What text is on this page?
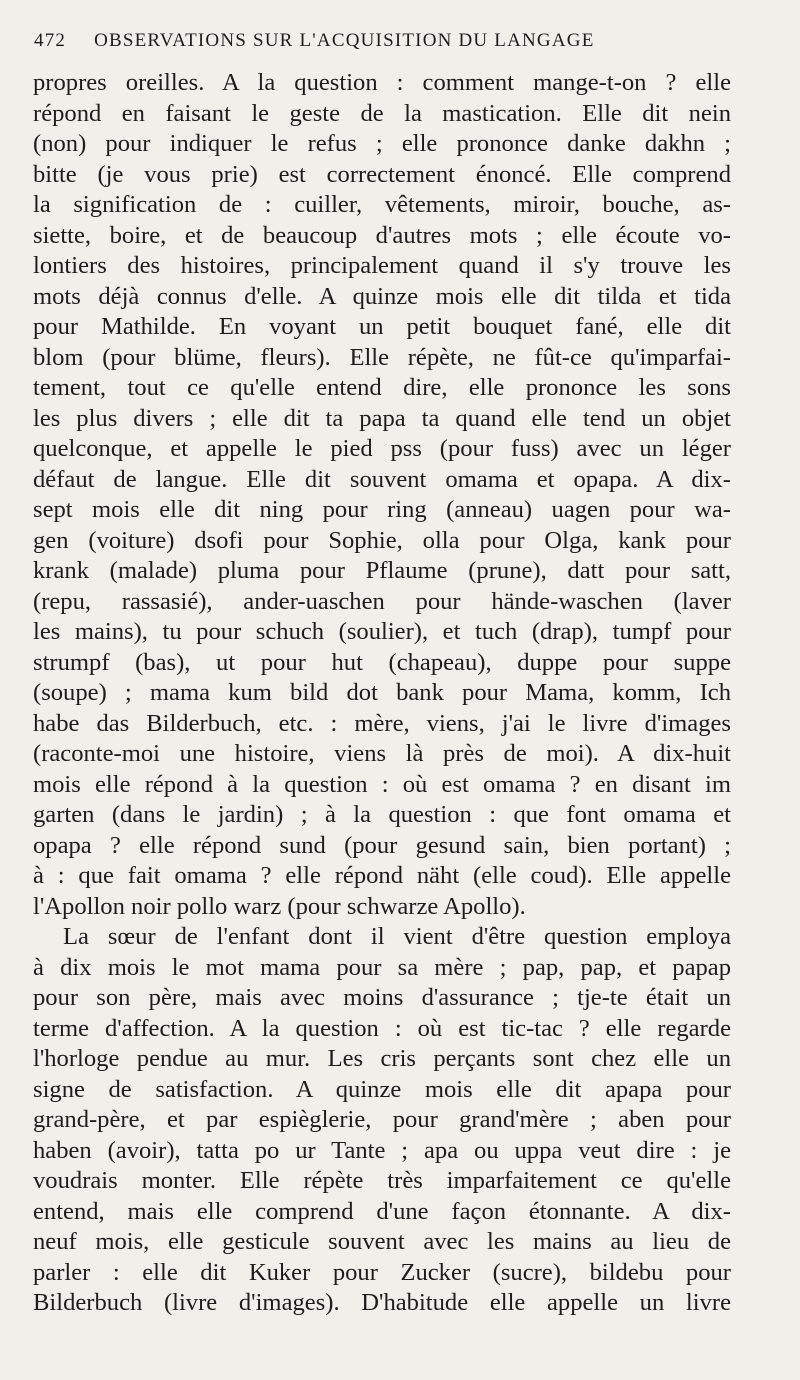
472 OBSERVATIONS SUR L'ACQUISITION DU LANGAGE
propres oreilles. A la question : comment mange-t-on ? elle
répond en faisant le geste de la mastication. Elle dit nein
(non) pour indiquer le refus ; elle prononce danke dakhn ;
bitte (je vous prie) est correctement énoncé. Elle comprend
la signification de : cuiller, vêtements, miroir, bouche, as-
siette, boire, et de beaucoup d'autres mots ; elle écoute vo-
lontiers des histoires, principalement quand il s'y trouve les
mots déjà connus d'elle. A quinze mois elle dit tilda et tida
pour Mathilde. En voyant un petit bouquet fané, elle dit
blom (pour blüme, fleurs). Elle répète, ne fût-ce qu'imparfai-
tement, tout ce qu'elle entend dire, elle prononce les sons
les plus divers ; elle dit ta papa ta quand elle tend un objet
quelconque, et appelle le pied pss (pour fuss) avec un léger
défaut de langue. Elle dit souvent omama et opapa. A dix-
sept mois elle dit ning pour ring (anneau) uagen pour wa-
gen (voiture) dsofi pour Sophie, olla pour Olga, kank pour
krank (malade) pluma pour Pflaume (prune), datt pour satt,
(repu, rassasié), ander-uaschen pour hände-waschen (laver
les mains), tu pour schuch (soulier), et tuch (drap), tumpf pour
strumpf (bas), ut pour hut (chapeau), duppe pour suppe
(soupe) ; mama kum bild dot bank pour Mama, komm, Ich
habe das Bilderbuch, etc. : mère, viens, j'ai le livre d'images
(raconte-moi une histoire, viens là près de moi). A dix-huit
mois elle répond à la question : où est omama ? en disant im
garten (dans le jardin) ; à la question : que font omama et
opapa ? elle répond sund (pour gesund sain, bien portant) ;
à : que fait omama ? elle répond näht (elle coud). Elle appelle
l'Apollon noir pollo warz (pour schwarze Apollo).
La sœur de l'enfant dont il vient d'être question employa
à dix mois le mot mama pour sa mère ; pap, pap, et papap
pour son père, mais avec moins d'assurance ; tje-te était un
terme d'affection. A la question : où est tic-tac ? elle regarde
l'horloge pendue au mur. Les cris perçants sont chez elle un
signe de satisfaction. A quinze mois elle dit apapa pour
grand-père, et par espièglerie, pour grand'mère ; aben pour
haben (avoir), tatta po ur Tante ; apa ou uppa veut dire : je
voudrais monter. Elle répète très imparfaitement ce qu'elle
entend, mais elle comprend d'une façon étonnante. A dix-
neuf mois, elle gesticule souvent avec les mains au lieu de
parler : elle dit Kuker pour Zucker (sucre), bildebu pour
Bilderbuch (livre d'images). D'habitude elle appelle un livre
